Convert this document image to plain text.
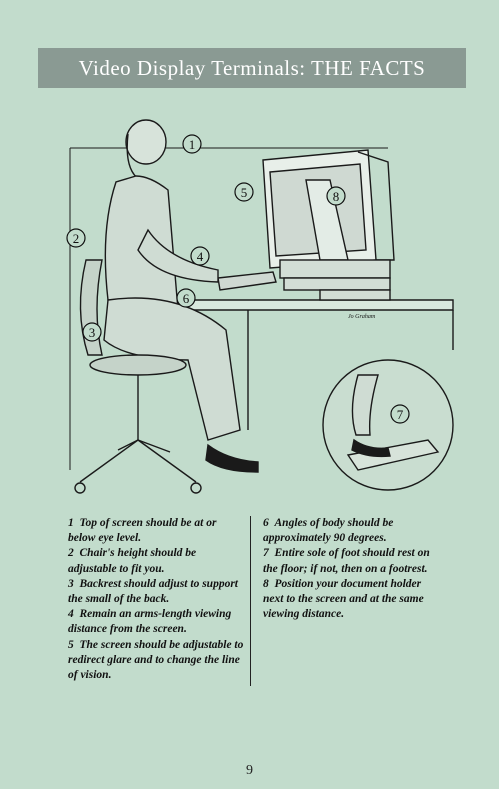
Video Display Terminals: THE FACTS
1
2
3
4
5
6
7
8
Jo Graham

1 Top of screen should be at or below eye level.

2 Chair's height should be adjustable to fit you.

3 Backrest should adjust to support the small of the back.

4 Remain an arms-length viewing distance from the screen.

5 The screen should be adjustable to redirect glare and to change the line of vision.

6 Angles of body should be approximately 90 degrees.

7 Entire sole of foot should rest on the floor; if not, then on a footrest.

8 Position your document holder next to the screen and at the same viewing distance.

9
